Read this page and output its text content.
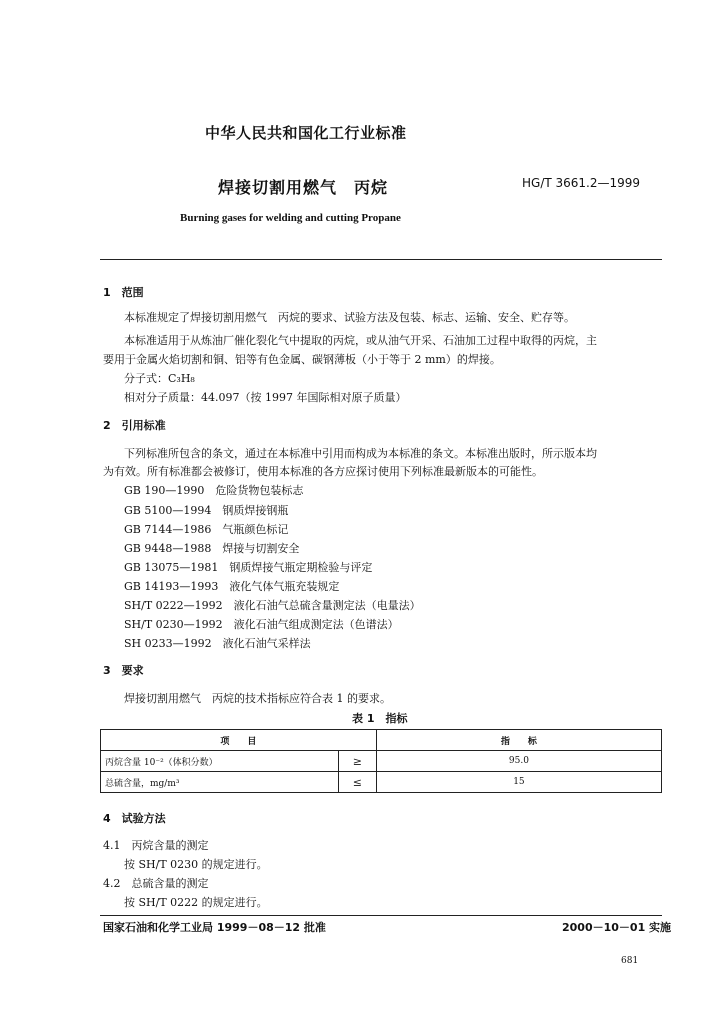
中华人民共和国化工行业标准
焊接切割用燃气　丙烷	HG/T 3661.2—1999
Burning gases for welding and cutting Propane
1　范围
本标准规定了焊接切割用燃气　丙烷的要求、试验方法及包装、标志、运输、安全、贮存等。
本标准适用于从炼油厂催化裂化气中提取的丙烷，或从油气开采、石油加工过程中取得的丙烷，主
要用于金属火焰切割和铜、铝等有色金属、碳钢薄板（小于等于 2 mm）的焊接。
分子式：C₃H₈
相对分子质量：44.097（按 1997 年国际相对原子质量）
2　引用标准
下列标准所包含的条文，通过在本标准中引用而构成为本标准的条文。本标准出版时，所示版本均
为有效。所有标准都会被修订，使用本标准的各方应探讨使用下列标准最新版本的可能性。
GB 190—1990　危险货物包装标志
GB 5100—1994　钢质焊接钢瓶
GB 7144—1986　气瓶颜色标记
GB 9448—1988　焊接与切割安全
GB 13075—1981　钢质焊接气瓶定期检验与评定
GB 14193—1993　液化气体气瓶充装规定
SH/T 0222—1992　液化石油气总硫含量测定法（电量法）
SH/T 0230—1992　液化石油气组成测定法（色谱法）
SH 0233—1992　液化石油气采样法
3　要求
焊接切割用燃气　丙烷的技术指标应符合表 1 的要求。
表 1　指标
项　　目		指　　标
丙烷含量 10⁻²（体积分数）	≥	95.0
总硫含量，mg/m³	≤	15
4　试验方法
4.1　丙烷含量的测定
按 SH/T 0230 的规定进行。
4.2　总硫含量的测定
按 SH/T 0222 的规定进行。
国家石油和化学工业局 1999－08－12 批准	2000－10－01 实施
681
